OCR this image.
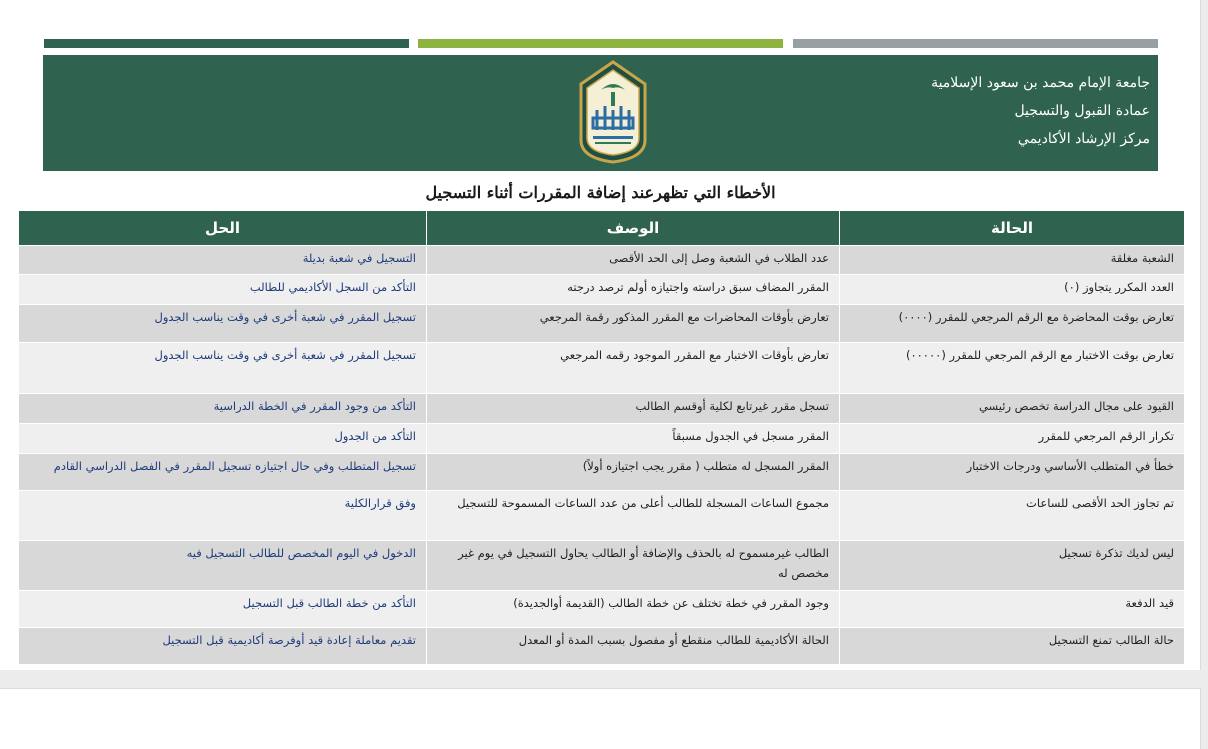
جامعة الإمام محمد بن سعود الإسلامية
عمادة القبول والتسجيل
مركز الإرشاد الأكاديمي
الأخطاء التي تظهرعند إضافة المقررات أثناء التسجيل
الحالة	الوصف	الحل
الشعبة مغلقة	عدد الطلاب في الشعبة وصل إلى الحد الأقصى	التسجيل في شعبة بديلة
العدد المكرر يتجاوز (٠)	المقرر المضاف سبق دراسته واجتيازه أولم ترصد درجته	التأكد من السجل الأكاديمي للطالب
تعارض بوقت المحاضرة مع الرقم المرجعي للمقرر (٠٠٠٠)	تعارض بأوقات المحاضرات مع المقرر المذكور رقمة المرجعي	تسجيل المقرر في شعبة أخرى في وقت يناسب الجدول
تعارض بوقت الاختبار مع الرقم المرجعي للمقرر (٠٠٠٠٠)	تعارض بأوقات الاختبار مع المقرر الموجود رقمه المرجعي	تسجيل المقرر في شعبة أخرى في وقت يناسب الجدول
القيود على مجال الدراسة تخصص رئيسي	تسجل مقرر غيرتابع لكلية أوقسم الطالب	التأكد من وجود المقرر في الخطة الدراسية
تكرار الرقم المرجعي للمقرر	المقرر مسجل في الجدول مسبقاً	التأكد من الجدول
خطأ في المتطلب الأساسي ودرجات الاختبار	المقرر المسجل له متطلب ( مقرر يجب اجتيازه أولاً)	تسجيل المتطلب وفي حال اجتيازه تسجيل المقرر في الفصل الدراسي القادم
تم تجاوز الحد الأقصى للساعات	مجموع الساعات المسجلة للطالب أعلى من عدد الساعات المسموحة للتسجيل	وفق قرارالكلية
ليس لديك تذكرة تسجيل	الطالب غيرمسموح له بالحذف والإضافة أو الطالب يحاول التسجيل في يوم غير مخصص له	الدخول في اليوم المخصص للطالب التسجيل فيه
قيد الدفعة	وجود المقرر في خطة تختلف عن خطة الطالب (القديمة أوالجديدة)	التأكد من خطة الطالب قبل التسجيل
حالة الطالب تمنع التسجيل	الحالة الأكاديمية للطالب منقطع أو مفصول بسبب المدة أو المعدل	تقديم معاملة إعادة قيد أوفرصة أكاديمية قبل التسجيل
